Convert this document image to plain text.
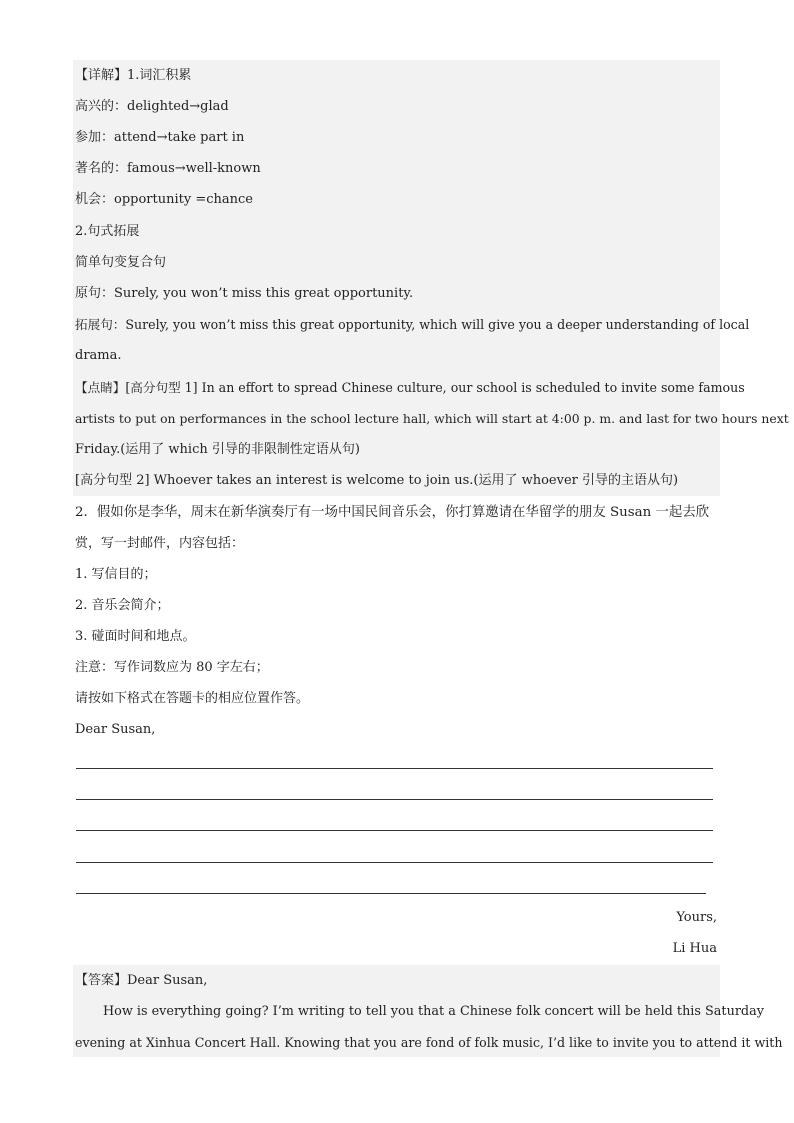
【详解】1.词汇积累
高兴的：delighted→glad
参加：attend→take part in
著名的：famous→well-known
机会：opportunity =chance
2.句式拓展
简单句变复合句
原句：Surely, you won’t miss this great opportunity.
拓展句：Surely, you won’t miss this great opportunity, which will give you a deeper understanding of local
drama.
【点睛】[高分句型 1] In an effort to spread Chinese culture, our school is scheduled to invite some famous
artists to put on performances in the school lecture hall, which will start at 4:00 p. m. and last for two hours next
Friday.(运用了 which 引导的非限制性定语从句)
[高分句型 2] Whoever takes an interest is welcome to join us.(运用了 whoever 引导的主语从句)
2．假如你是李华，周末在新华演奏厅有一场中国民间音乐会，你打算邀请在华留学的朋友 Susan 一起去欣
赏，写一封邮件，内容包括：
1. 写信目的；
2. 音乐会简介；
3. 碰面时间和地点。
注意：写作词数应为 80 字左右；
请按如下格式在答题卡的相应位置作答。
Dear Susan,
Yours,
Li Hua
【答案】Dear Susan,
How is everything going? I’m writing to tell you that a Chinese folk concert will be held this Saturday
evening at Xinhua Concert Hall. Knowing that you are fond of folk music, I’d like to invite you to attend it with
